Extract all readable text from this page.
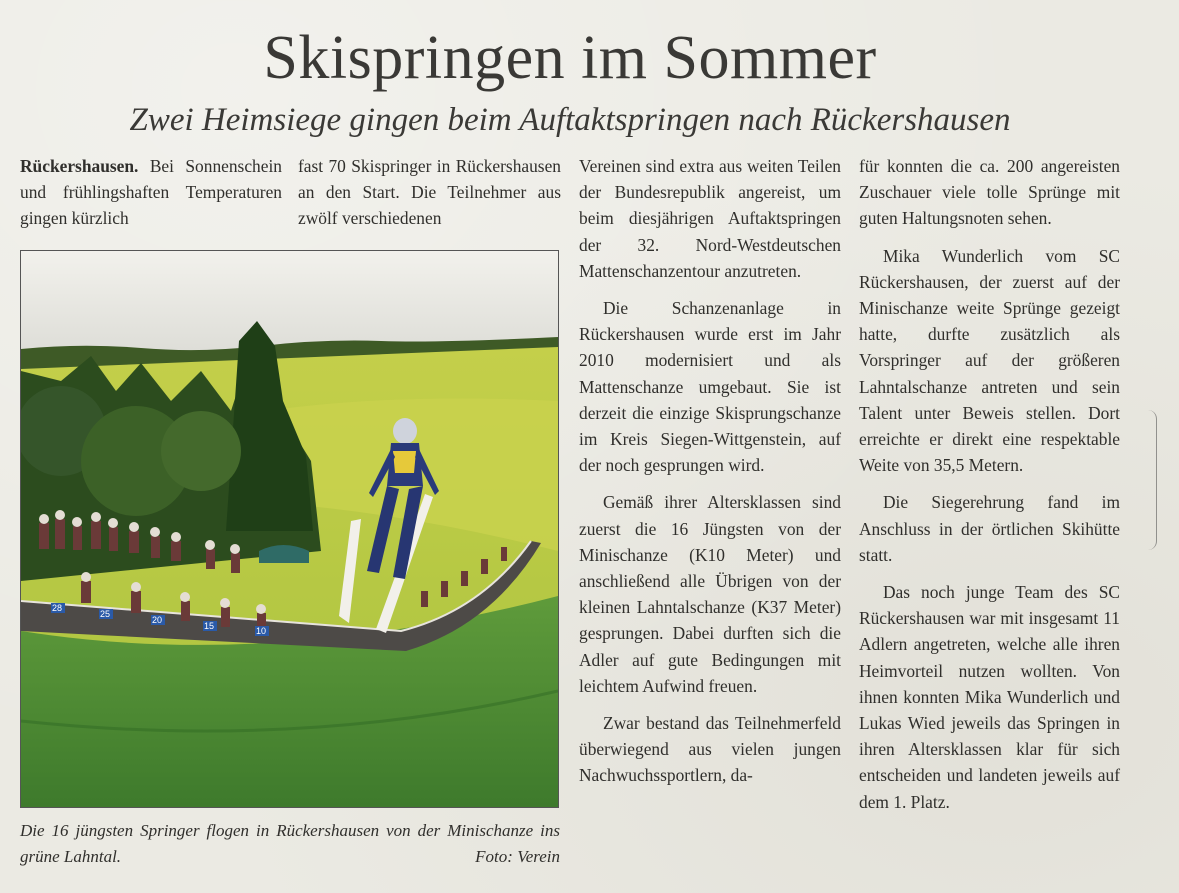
Skispringen im Sommer
Zwei Heimsiege gingen beim Auftaktspringen nach Rückershausen

Rückershausen. Bei Sonnenschein und frühlingshaften Temperaturen gingen kürzlich

fast 70 Skispringer in Rückershausen an den Start. Die Teilnehmer aus zwölf verschiedenen

Vereinen sind extra aus weiten Teilen der Bundesrepublik angereist, um beim diesjährigen Auftaktspringen der 32. Nord-Westdeutschen Mattenschanzentour anzutreten.

Die Schanzenanlage in Rückershausen wurde erst im Jahr 2010 modernisiert und als Mattenschanze umgebaut. Sie ist derzeit die einzige Skisprungschanze im Kreis Siegen-Wittgenstein, auf der noch gesprungen wird.

Gemäß ihrer Altersklassen sind zuerst die 16 Jüngsten von der Minischanze (K10 Meter) und anschließend alle Übrigen von der kleinen Lahntalschanze (K37 Meter) gesprungen. Dabei durften sich die Adler auf gute Bedingungen mit leichtem Aufwind freuen.

Zwar bestand das Teilnehmerfeld überwiegend aus vielen jungen Nachwuchssportlern, da-

für konnten die ca. 200 angereisten Zuschauer viele tolle Sprünge mit guten Haltungsnoten sehen.

Mika Wunderlich vom SC Rückershausen, der zuerst auf der Minischanze weite Sprünge gezeigt hatte, durfte zusätzlich als Vorspringer auf der größeren Lahntalschanze antreten und sein Talent unter Beweis stellen. Dort erreichte er direkt eine respektable Weite von 35,5 Metern.

Die Siegerehrung fand im Anschluss in der örtlichen Skihütte statt.

Das noch junge Team des SC Rückershausen war mit insgesamt 11 Adlern angetreten, welche alle ihren Heimvorteil nutzen wollten. Von ihnen konnten Mika Wunderlich und Lukas Wied jeweils das Springen in ihren Altersklassen klar für sich entscheiden und landeten jeweils auf dem 1. Platz.

28
25
20
15	10
Die 16 jüngsten Springer flogen in Rückershausen von der Minischanze ins grüne Lahntal.	Foto: Verein
